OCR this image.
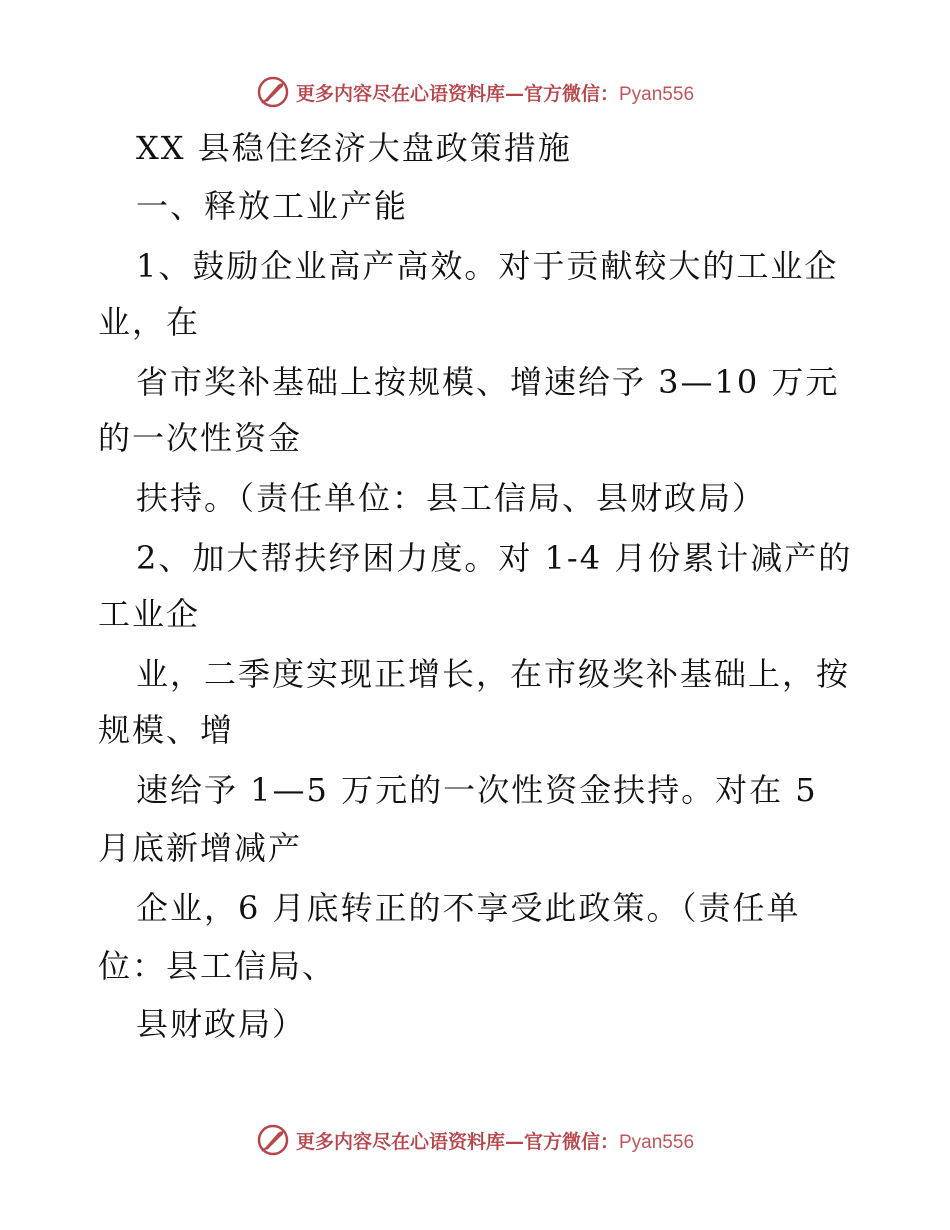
更多内容尽在心语资料库—官方微信：Pyan556
XX 县稳住经济大盘政策措施
一、释放工业产能
1、鼓励企业高产高效。对于贡献较大的工业企
业，在
省市奖补基础上按规模、增速给予 3—10 万元
的一次性资金
扶持。（责任单位：县工信局、县财政局）
2、加大帮扶纾困力度。对 1-4 月份累计减产的
工业企
业，二季度实现正增长，在市级奖补基础上，按
规模、增
速给予 1—5 万元的一次性资金扶持。对在 5
月底新增减产
企业，6 月底转正的不享受此政策。（责任单
位：县工信局、
县财政局）
更多内容尽在心语资料库—官方微信：Pyan556
